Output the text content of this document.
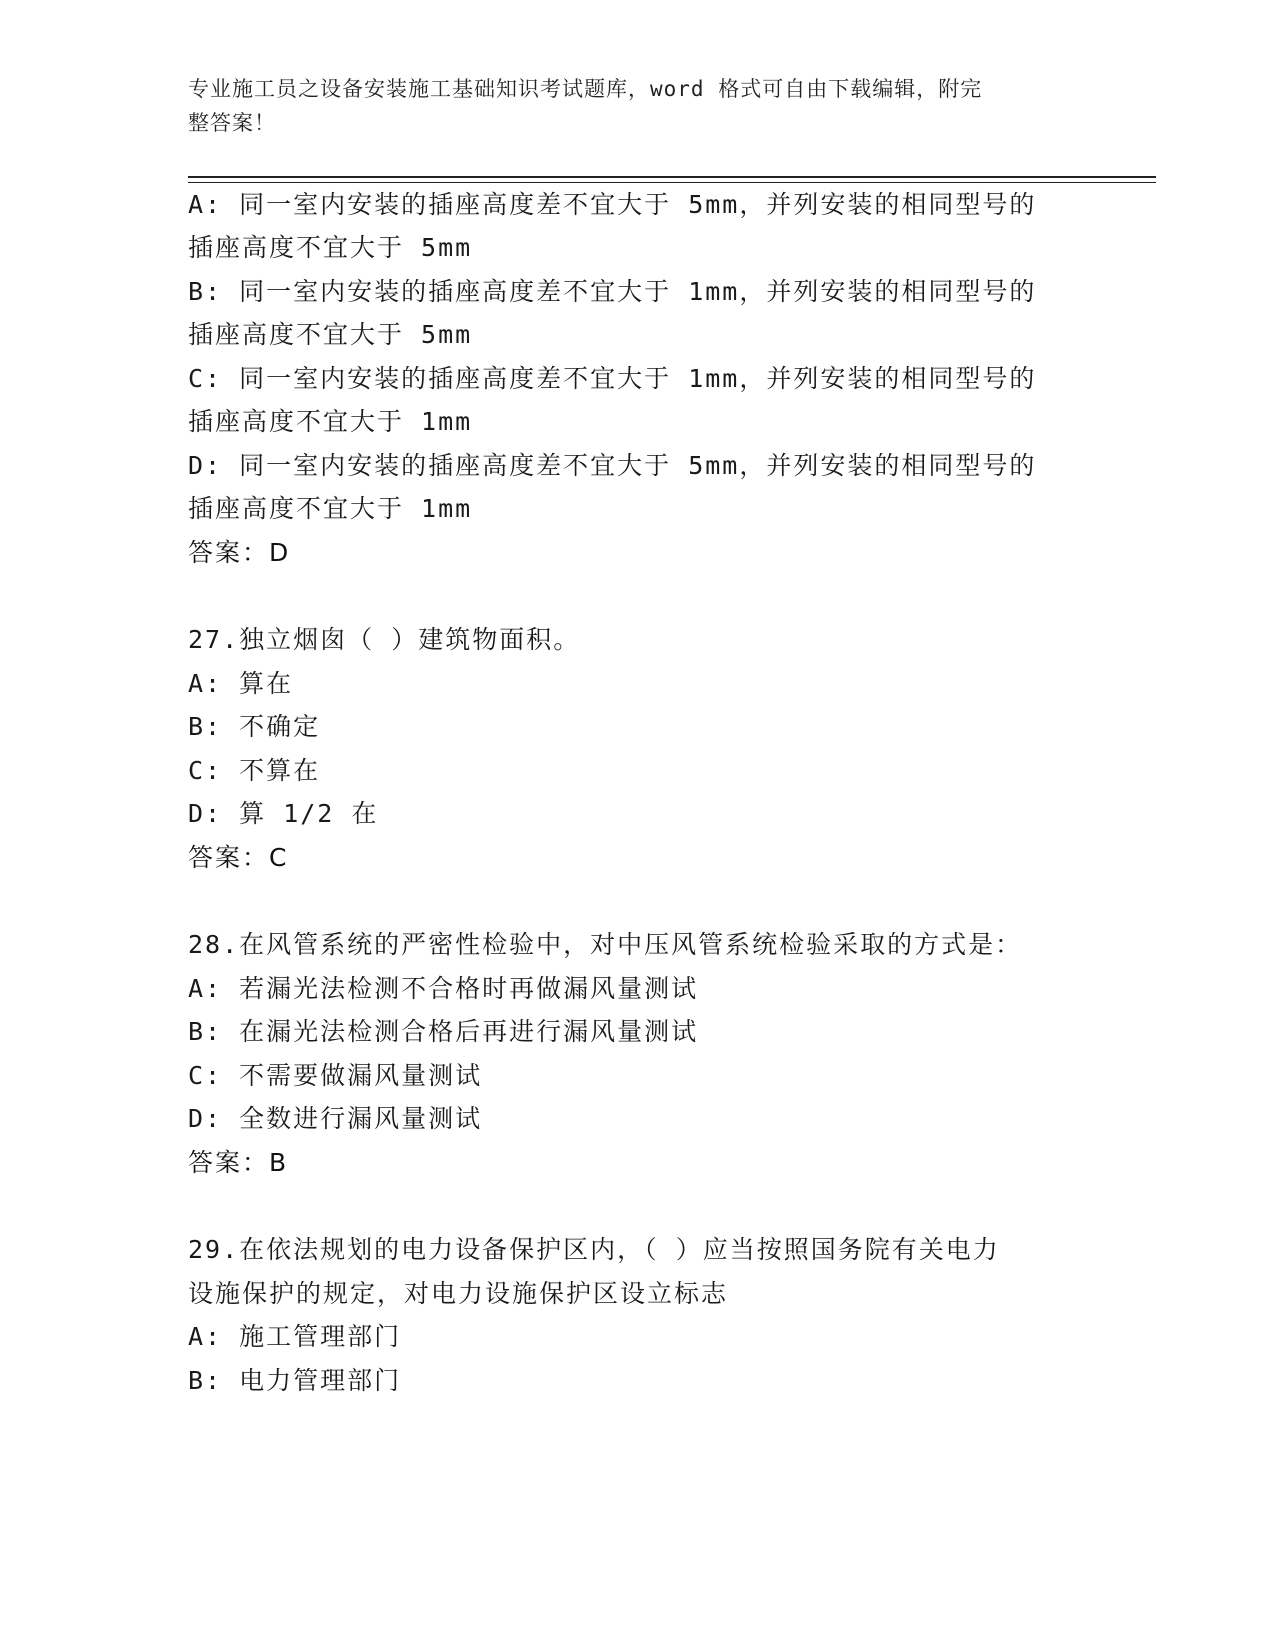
专业施工员之设备安装施工基础知识考试题库，word 格式可自由下载编辑，附完
整答案！
A: 同一室内安装的插座高度差不宜大于 5mm，并列安装的相同型号的
插座高度不宜大于 5mm
B: 同一室内安装的插座高度差不宜大于 1mm，并列安装的相同型号的
插座高度不宜大于 5mm
C: 同一室内安装的插座高度差不宜大于 1mm，并列安装的相同型号的
插座高度不宜大于 1mm
D: 同一室内安装的插座高度差不宜大于 5mm，并列安装的相同型号的
插座高度不宜大于 1mm
答案：D
27.独立烟囱（ ）建筑物面积。
A: 算在
B: 不确定
C: 不算在
D: 算 1/2 在
答案：C
28.在风管系统的严密性检验中，对中压风管系统检验采取的方式是：
A: 若漏光法检测不合格时再做漏风量测试
B: 在漏光法检测合格后再进行漏风量测试
C: 不需要做漏风量测试
D: 全数进行漏风量测试
答案：B
29.在依法规划的电力设备保护区内，（ ）应当按照国务院有关电力
设施保护的规定，对电力设施保护区设立标志
A: 施工管理部门
B: 电力管理部门
